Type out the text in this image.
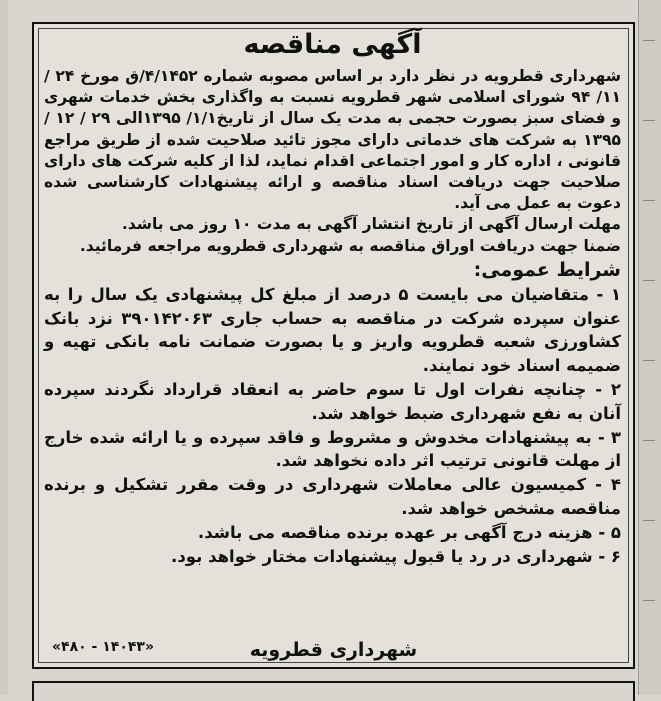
آگهی مناقصه

شهرداری قطرویه در نظر دارد بر اساس مصوبه شماره ۴/۱۴۵۲/ق مورخ ۲۴ /۱۱/ ۹۴ شورای اسلامی شهر قطرویه نسبت به واگذاری بخش خدمات شهری و فضای سبز بصورت حجمی به مدت یک سال از تاریخ۱/۱/ ۱۳۹۵الی ۲۹ / ۱۲ /۱۳۹۵ به شرکت های خدماتی دارای مجوز تائید صلاحیت شده از طریق مراجع قانونی ، اداره کار و امور اجتماعی اقدام نماید، لذا از کلیه شرکت های دارای صلاحیت جهت دریافت اسناد مناقصه و ارائه پیشنهادات کارشناسی شده دعوت به عمل می آید.

مهلت ارسال آگهی از تاریخ انتشار آگهی به مدت ۱۰ روز می باشد.

ضمنا جهت دریافت اوراق مناقصه به شهرداری قطرویه مراجعه فرمائید.

شرایط عمومی:

۱ - متقاضیان می بایست ۵ درصد از مبلغ کل پیشنهادی یک سال را به عنوان سپرده شرکت در مناقصه به حساب جاری ۳۹۰۱۴۲۰۶۳ نزد بانک کشاورزی شعبه قطرویه واریز و یا بصورت ضمانت نامه بانکی تهیه و ضمیمه اسناد خود نمایند.

۲ - چنانچه نفرات اول تا سوم حاضر به انعقاد قرارداد نگردند سپرده آنان به نفع شهرداری ضبط خواهد شد.

۳ - به پیشنهادات مخدوش و مشروط و فاقد سپرده و یا ارائه شده خارج از مهلت قانونی ترتیب اثر داده نخواهد شد.

۴ - کمیسیون عالی معاملات شهرداری در وقت مقرر تشکیل و برنده مناقصه مشخص خواهد شد.

۵ - هزینه درج آگهی بر عهده برنده مناقصه می باشد.

۶ - شهرداری در رد یا قبول پیشنهادات مختار خواهد بود.

شهرداری قطرویه
«۱۴۰۴۳ - ۴۸۰»
